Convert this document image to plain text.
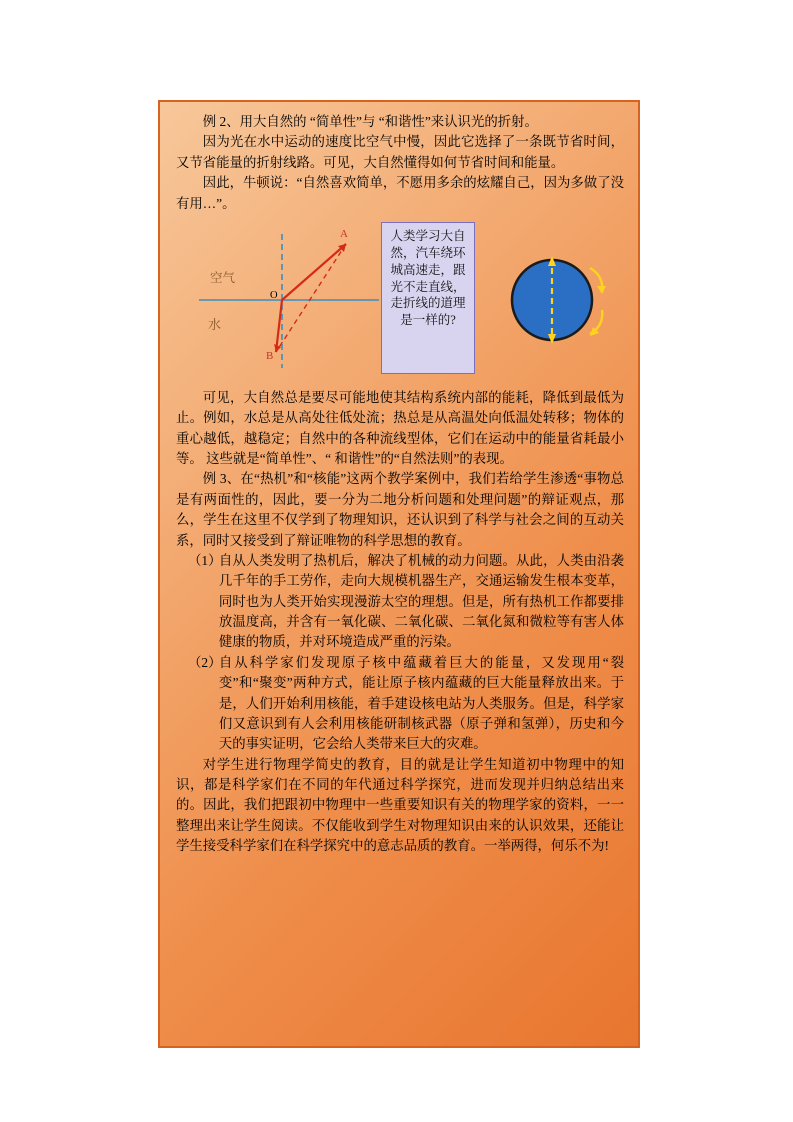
例 2、用大自然的 “简单性”与 “和谐性”来认识光的折射。

因为光在水中运动的速度比空气中慢，因此它选择了一条既节省时间，又节省能量的折射线路。可见，大自然懂得如何节省时间和能量。

因此，牛顿说：“自然喜欢简单，不愿用多余的炫耀自己，因为多做了没有用…”。

空气
水
O
A
B
人类学习大自然，汽车绕环城高速走，跟光不走直线，走折线的道理是一样的?

可见，大自然总是要尽可能地使其结构系统内部的能耗，降低到最低为止。例如，水总是从高处往低处流；热总是从高温处向低温处转移；物体的重心越低，越稳定；自然中的各种流线型体，它们在运动中的能量省耗最小等。 这些就是“简单性”、“ 和谐性”的“自然法则”的表现。

例 3、在“热机”和“核能”这两个教学案例中，我们若给学生渗透“事物总是有两面性的，因此，要一分为二地分析问题和处理问题”的辩证观点，那么，学生在这里不仅学到了物理知识，还认识到了科学与社会之间的互动关系，同时又接受到了辩证唯物的科学思想的教育。

（1）
自从人类发明了热机后，解决了机械的动力问题。从此，人类由沿袭几千年的手工劳作，走向大规模机器生产，交通运输发生根本变革，同时也为人类开始实现漫游太空的理想。但是，所有热机工作都要排放温度高，并含有一氧化碳、二氧化碳、二氧化氮和微粒等有害人体健康的物质，并对环境造成严重的污染。
（2）
自从科学家们发现原子核中蕴藏着巨大的能量，又发现用“裂变”和“聚变”两种方式，能让原子核内蕴藏的巨大能量释放出来。于是，人们开始利用核能，着手建设核电站为人类服务。但是，科学家们又意识到有人会利用核能研制核武器（原子弹和氢弹），历史和今天的事实证明，它会给人类带来巨大的灾难。

对学生进行物理学简史的教育，目的就是让学生知道初中物理中的知识，都是科学家们在不同的年代通过科学探究，进而发现并归纳总结出来的。因此，我们把跟初中物理中一些重要知识有关的物理学家的资料，一一整理出来让学生阅读。不仅能收到学生对物理知识由来的认识效果，还能让学生接受科学家们在科学探究中的意志品质的教育。一举两得，何乐不为!
